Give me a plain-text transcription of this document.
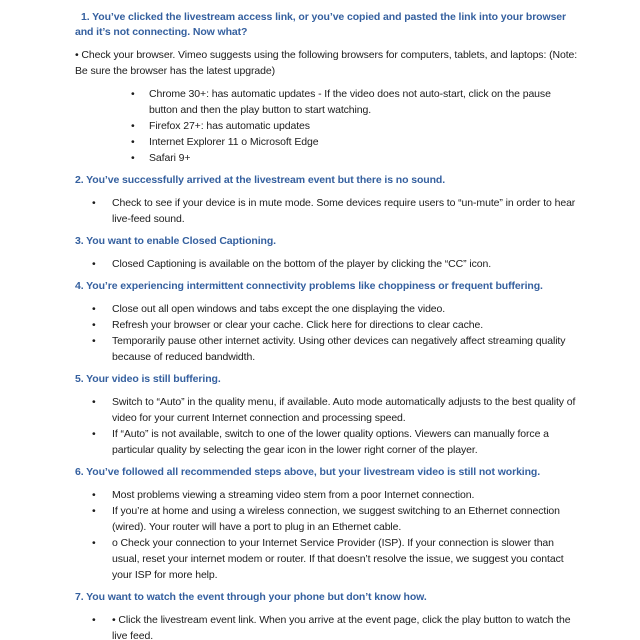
1. You’ve clicked the livestream access link, or you’ve copied and pasted the link into your browser and it’s not connecting. Now what?

• Check your browser. Vimeo suggests using the following browsers for computers, tablets, and laptops: (Note: Be sure the browser has the latest upgrade)

•	Chrome 30+: has automatic updates - If the video does not auto-start, click on the pause button and then the play button to start watching.
•	Firefox 27+: has automatic updates
•	Internet Explorer 11 o Microsoft Edge
•	Safari 9+
2. You’ve successfully arrived at the livestream event but there is no sound.
•	Check to see if your device is in mute mode. Some devices require users to “un-mute” in order to hear live-feed sound.
3. You want to enable Closed Captioning.
•	Closed Captioning is available on the bottom of the player by clicking the “CC” icon.
4. You’re experiencing intermittent connectivity problems like choppiness or frequent buffering.
•	Close out all open windows and tabs except the one displaying the video.
•	Refresh your browser or clear your cache. Click here for directions to clear cache.
•	Temporarily pause other internet activity. Using other devices can negatively affect streaming quality because of reduced bandwidth.
5. Your video is still buffering.
•	Switch to “Auto” in the quality menu, if available. Auto mode automatically adjusts to the best quality of video for your current Internet connection and processing speed.
•	If “Auto” is not available, switch to one of the lower quality options. Viewers can manually force a particular quality by selecting the gear icon in the lower right corner of the player.
6. You’ve followed all recommended steps above, but your livestream video is still not working.
•	Most problems viewing a streaming video stem from a poor Internet connection.
•	If you’re at home and using a wireless connection, we suggest switching to an Ethernet connection (wired). Your router will have a port to plug in an Ethernet cable.
•	o Check your connection to your Internet Service Provider (ISP). If your connection is slower than usual, reset your internet modem or router. If that doesn’t resolve the issue, we suggest you contact your ISP for more help.
7. You want to watch the event through your phone but don’t know how.
•	• Click the livestream event link. When you arrive at the event page, click the play button to watch the live feed.
